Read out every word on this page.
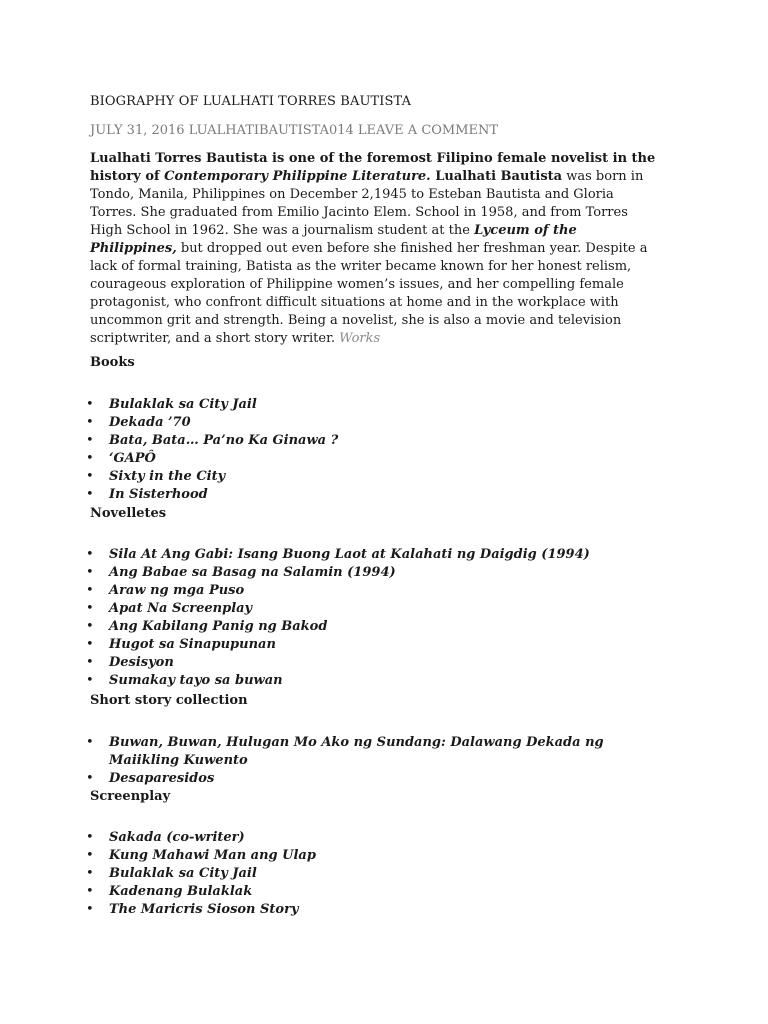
BIOGRAPHY OF LUALHATI TORRES BAUTISTA
JULY 31, 2016 LUALHATIBAUTISTA014 LEAVE A COMMENT
Lualhati Torres Bautista is one of the foremost Filipino female novelist in the history of Contemporary Philippine Literature. Lualhati Bautista was born in Tondo, Manila, Philippines on December 2,1945 to Esteban Bautista and Gloria Torres. She graduated from Emilio Jacinto Elem. School in 1958, and from Torres High School in 1962. She was a journalism student at the Lyceum of the Philippines, but dropped out even before she finished her freshman year. Despite a lack of formal training, Batista as the writer became known for her honest relism, courageous exploration of Philippine women’s issues, and her compelling female protagonist, who confront difficult situations at home and in the workplace with uncommon grit and strength. Being a novelist, she is also a movie and television scriptwriter, and a short story writer. Works
Books
• Bulaklak sa City Jail
• Dekada ’70
• Bata, Bata… Pa’no Ka Ginawa ?
• ‘GAPÔ
• Sixty in the City
• In Sisterhood
Novelletes
• Sila At Ang Gabi: Isang Buong Laot at Kalahati ng Daigdig (1994)
• Ang Babae sa Basag na Salamin (1994)
• Araw ng mga Puso
• Apat Na Screenplay
• Ang Kabilang Panig ng Bakod
• Hugot sa Sinapupunan
• Desisyon
• Sumakay tayo sa buwan
Short story collection
• Buwan, Buwan, Hulugan Mo Ako ng Sundang: Dalawang Dekada ng Maiikling Kuwento
• Desaparesidos
Screenplay
• Sakada (co-writer)
• Kung Mahawi Man ang Ulap
• Bulaklak sa City Jail
• Kadenang Bulaklak
• The Maricris Sioson Story
